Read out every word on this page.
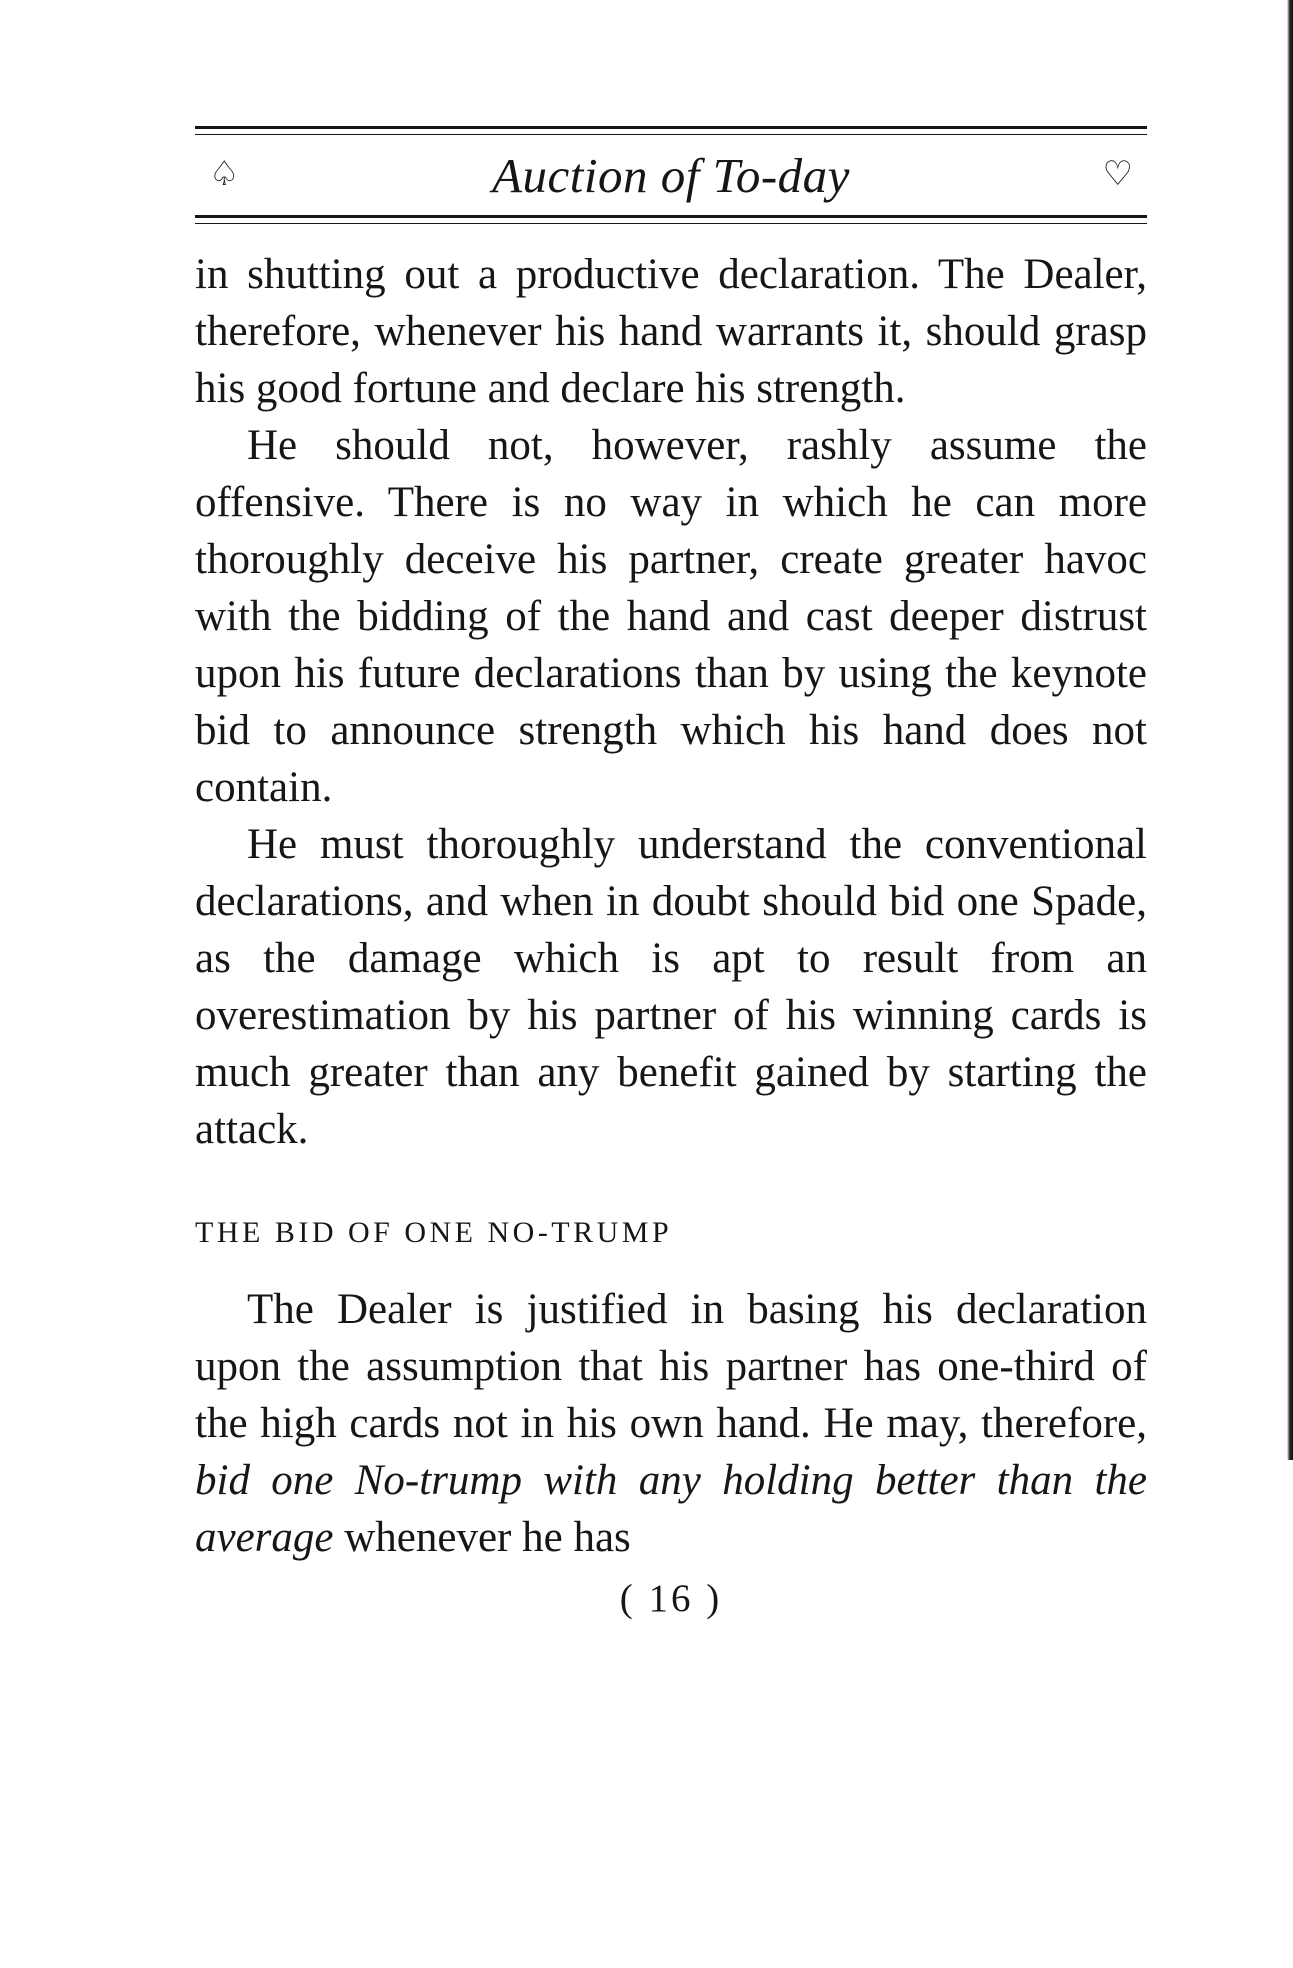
♤	Auction of To-day	♡

in shutting out a productive declaration. The Dealer, therefore, whenever his hand warrants it, should grasp his good fortune and declare his strength.

He should not, however, rashly assume the offensive. There is no way in which he can more thoroughly deceive his partner, create greater havoc with the bidding of the hand and cast deeper distrust upon his future declarations than by using the keynote bid to announce strength which his hand does not contain.

He must thoroughly understand the conventional declarations, and when in doubt should bid one Spade, as the damage which is apt to result from an overestimation by his partner of his winning cards is much greater than any benefit gained by starting the attack.

THE BID OF ONE NO-TRUMP

The Dealer is justified in basing his declaration upon the assumption that his partner has one-third of the high cards not in his own hand. He may, therefore, bid one No-trump with any holding better than the average whenever he has

( 16 )
